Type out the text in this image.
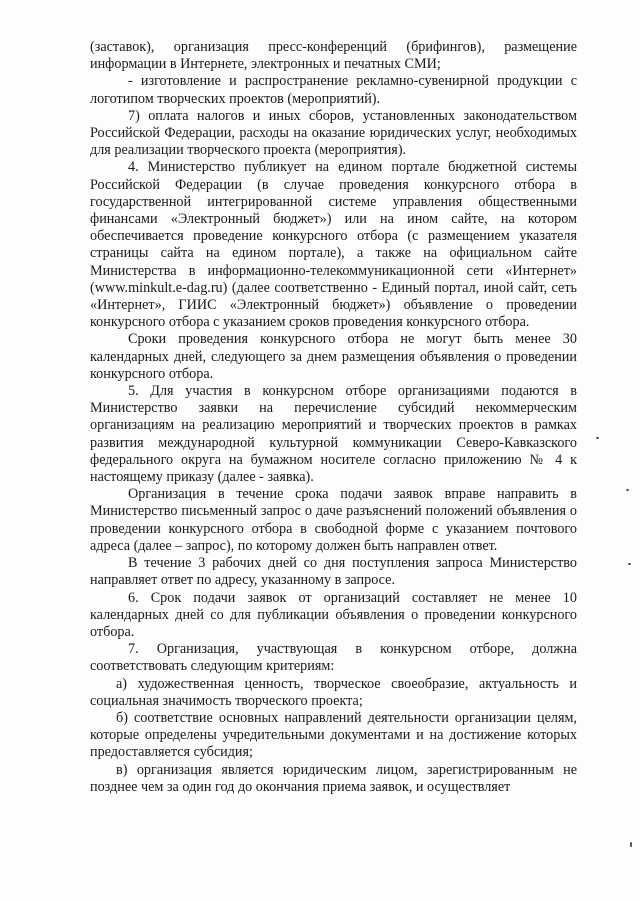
(заставок), организация пресс-конференций (брифингов), размещение информации в Интернете, электронных и печатных СМИ;

- изготовление и распространение рекламно-сувенирной продукции с логотипом творческих проектов (мероприятий).

7) оплата налогов и иных сборов, установленных законодательством Российской Федерации, расходы на оказание юридических услуг, необходимых для реализации творческого проекта (мероприятия).

4. Министерство публикует на едином портале бюджетной системы Российской Федерации (в случае проведения конкурсного отбора в государственной интегрированной системе управления общественными финансами «Электронный бюджет») или на ином сайте, на котором обеспечивается проведение конкурсного отбора (с размещением указателя страницы сайта на едином портале), а также на официальном сайте Министерства в информационно-телекоммуникационной сети «Интернет» (www.minkult.e-dag.ru) (далее соответственно - Единый портал, иной сайт, сеть «Интернет», ГИИС «Электронный бюджет») объявление о проведении конкурсного отбора с указанием сроков проведения конкурсного отбора.

Сроки проведения конкурсного отбора не могут быть менее 30 календарных дней, следующего за днем размещения объявления о проведении конкурсного отбора.

5. Для участия в конкурсном отборе организациями подаются в Министерство заявки на перечисление субсидий некоммерческим организациям на реализацию мероприятий и творческих проектов в рамках развития международной культурной коммуникации Северо-Кавказского федерального округа на бумажном носителе согласно приложению № 4 к настоящему приказу (далее - заявка).

Организация в течение срока подачи заявок вправе направить в Министерство письменный запрос о даче разъяснений положений объявления о проведении конкурсного отбора в свободной форме с указанием почтового адреса (далее – запрос), по которому должен быть направлен ответ.

В течение 3 рабочих дней со дня поступления запроса Министерство направляет ответ по адресу, указанному в запросе.

6. Срок подачи заявок от организаций составляет не менее 10 календарных дней со для публикации объявления о проведении конкурсного отбора.

7. Организация, участвующая в конкурсном отборе, должна соответствовать следующим критериям:

а) художественная ценность, творческое своеобразие, актуальность и социальная значимость творческого проекта;

б) соответствие основных направлений деятельности организации целям, которые определены учредительными документами и на достижение которых предоставляется субсидия;

в) организация является юридическим лицом, зарегистрированным не позднее чем за один год до окончания приема заявок, и осуществляет
